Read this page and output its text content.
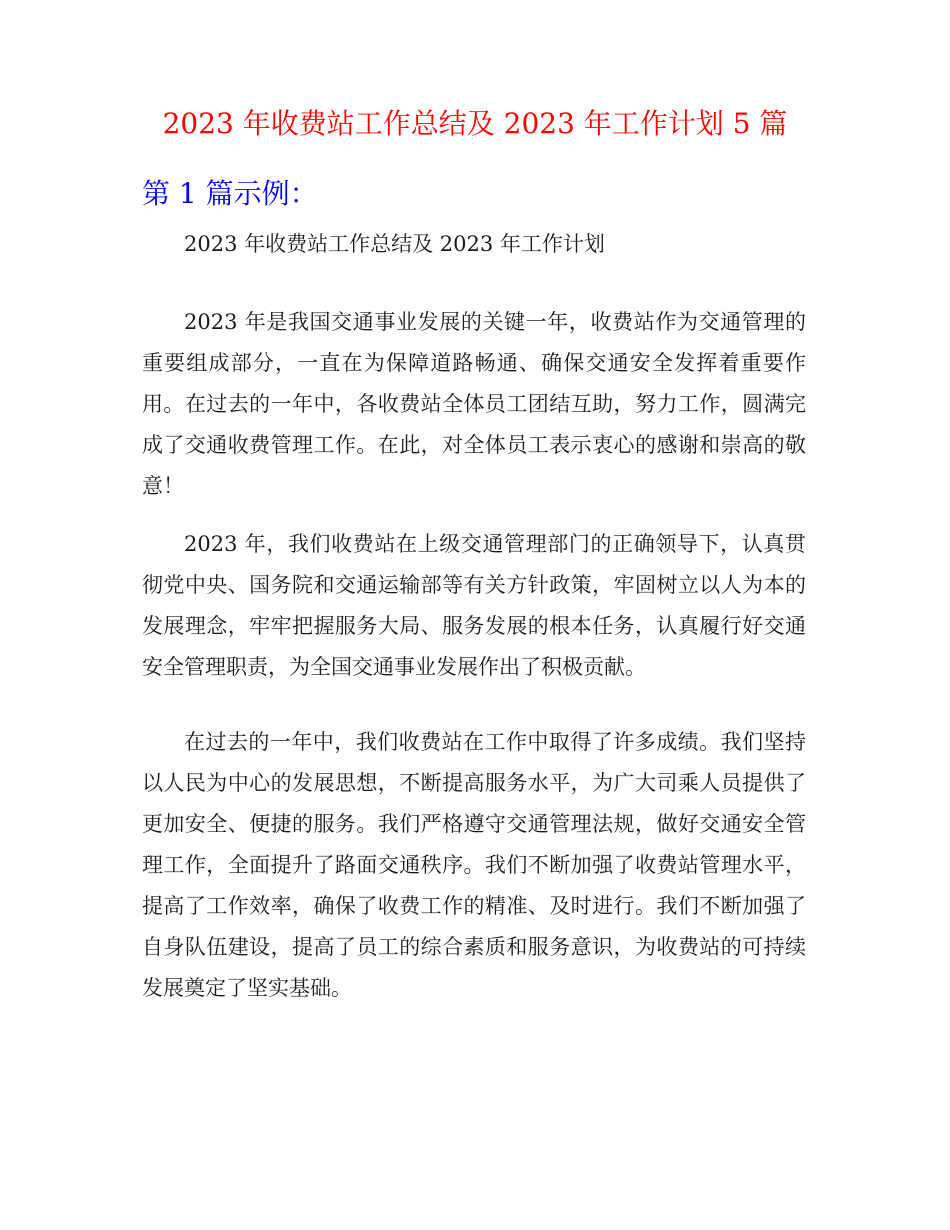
2023 年收费站工作总结及 2023 年工作计划 5 篇
第 1 篇示例：

2023 年收费站工作总结及 2023 年工作计划

2023 年是我国交通事业发展的关键一年，收费站作为交通管理的重要组成部分，一直在为保障道路畅通、确保交通安全发挥着重要作用。在过去的一年中，各收费站全体员工团结互助，努力工作，圆满完成了交通收费管理工作。在此，对全体员工表示衷心的感谢和崇高的敬意！

2023 年，我们收费站在上级交通管理部门的正确领导下，认真贯彻党中央、国务院和交通运输部等有关方针政策，牢固树立以人为本的发展理念，牢牢把握服务大局、服务发展的根本任务，认真履行好交通安全管理职责，为全国交通事业发展作出了积极贡献。

在过去的一年中，我们收费站在工作中取得了许多成绩。我们坚持以人民为中心的发展思想，不断提高服务水平，为广大司乘人员提供了更加安全、便捷的服务。我们严格遵守交通管理法规，做好交通安全管理工作，全面提升了路面交通秩序。我们不断加强了收费站管理水平，提高了工作效率，确保了收费工作的精准、及时进行。我们不断加强了自身队伍建设，提高了员工的综合素质和服务意识，为收费站的可持续发展奠定了坚实基础。
